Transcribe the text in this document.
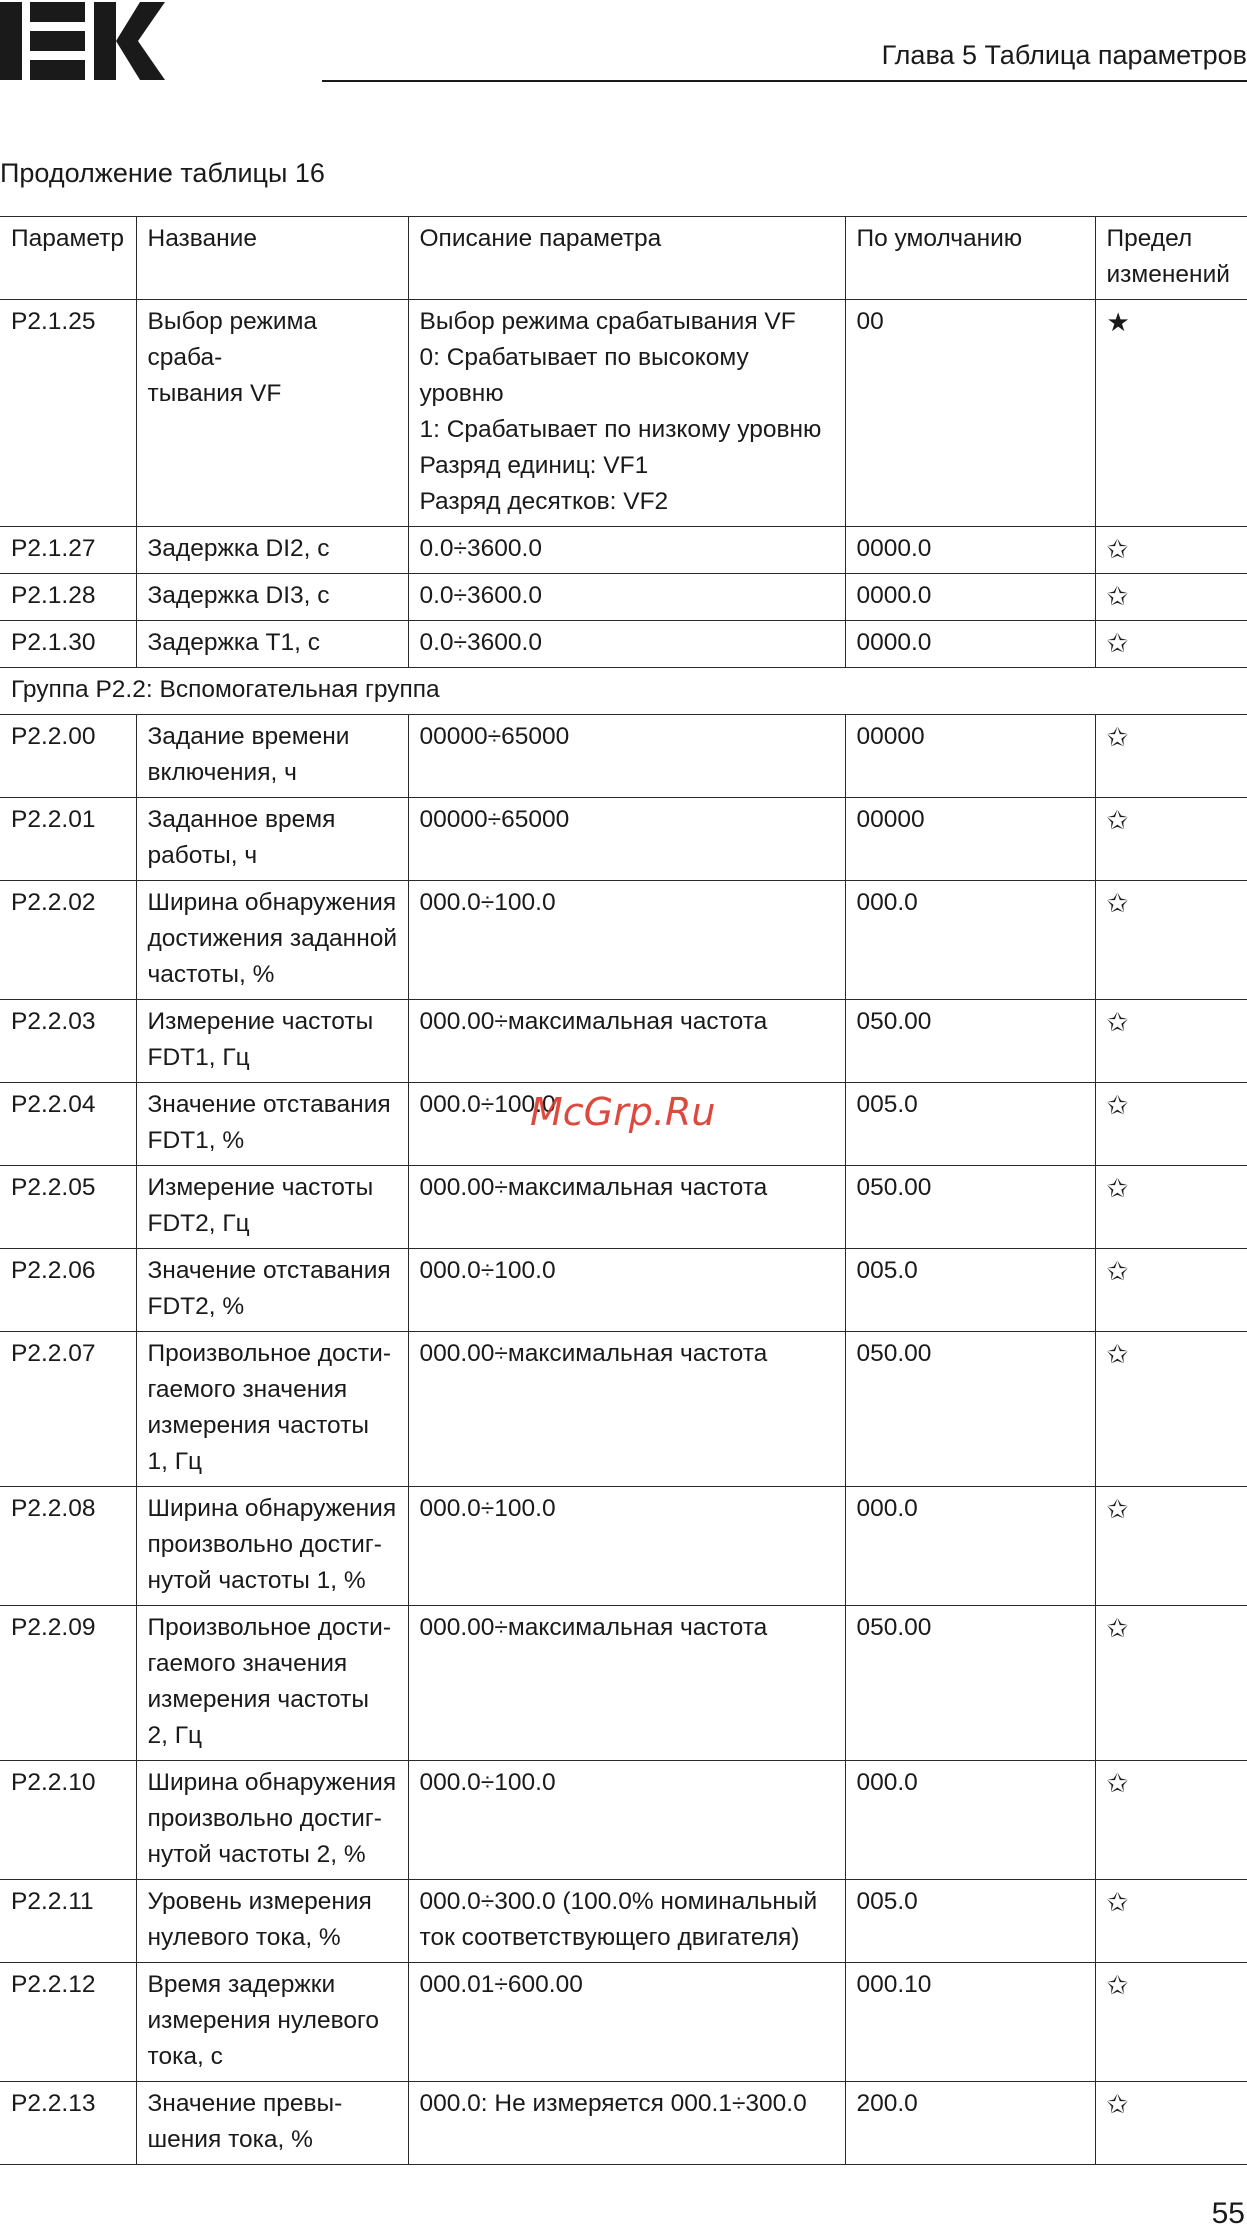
Глава 5 Таблица параметров
Продолжение таблицы 16
Параметр	Название	Описание параметра	По умолчанию	Предел
изменений
P2.1.25	Выбор режима сраба-
тывания VF	Выбор режима срабатывания VF
0: Срабатывает по высокому уровню
1: Срабатывает по низкому уровню
Разряд единиц: VF1
Разряд десятков: VF2	00	★
P2.1.27	Задержка DI2, с	0.0÷3600.0	0000.0	✩
P2.1.28	Задержка DI3, с	0.0÷3600.0	0000.0	✩
P2.1.30	Задержка T1, с	0.0÷3600.0	0000.0	✩
Группа P2.2: Вспомогательная группа				
P2.2.00	Задание времени
включения, ч	00000÷65000	00000	✩
P2.2.01	Заданное время
работы, ч	00000÷65000	00000	✩
P2.2.02	Ширина обнаружения
достижения заданной
частоты, %	000.0÷100.0	000.0	✩
P2.2.03	Измерение частоты
FDT1, Гц	000.00÷максимальная частота	050.00	✩
P2.2.04	Значение отставания
FDT1, %	000.0÷100.0	005.0	✩
P2.2.05	Измерение частоты
FDT2, Гц	000.00÷максимальная частота	050.00	✩
P2.2.06	Значение отставания
FDT2, %	000.0÷100.0	005.0	✩
P2.2.07	Произвольное дости-
гаемого значения
измерения частоты
1, Гц	000.00÷максимальная частота	050.00	✩
P2.2.08	Ширина обнаружения
произвольно достиг-
нутой частоты 1, %	000.0÷100.0	000.0	✩
P2.2.09	Произвольное дости-
гаемого значения
измерения частоты
2, Гц	000.00÷максимальная частота	050.00	✩
P2.2.10	Ширина обнаружения
произвольно достиг-
нутой частоты 2, %	000.0÷100.0	000.0	✩
P2.2.11	Уровень измерения
нулевого тока, %	000.0÷300.0 (100.0% номинальный
ток соответствующего двигателя)	005.0	✩
P2.2.12	Время задержки
измерения нулевого
тока, с	000.01÷600.00	000.10	✩
P2.2.13	Значение превы-
шения тока, %	000.0: Не измеряется 000.1÷300.0	200.0	✩
McGrp.Ru
55
